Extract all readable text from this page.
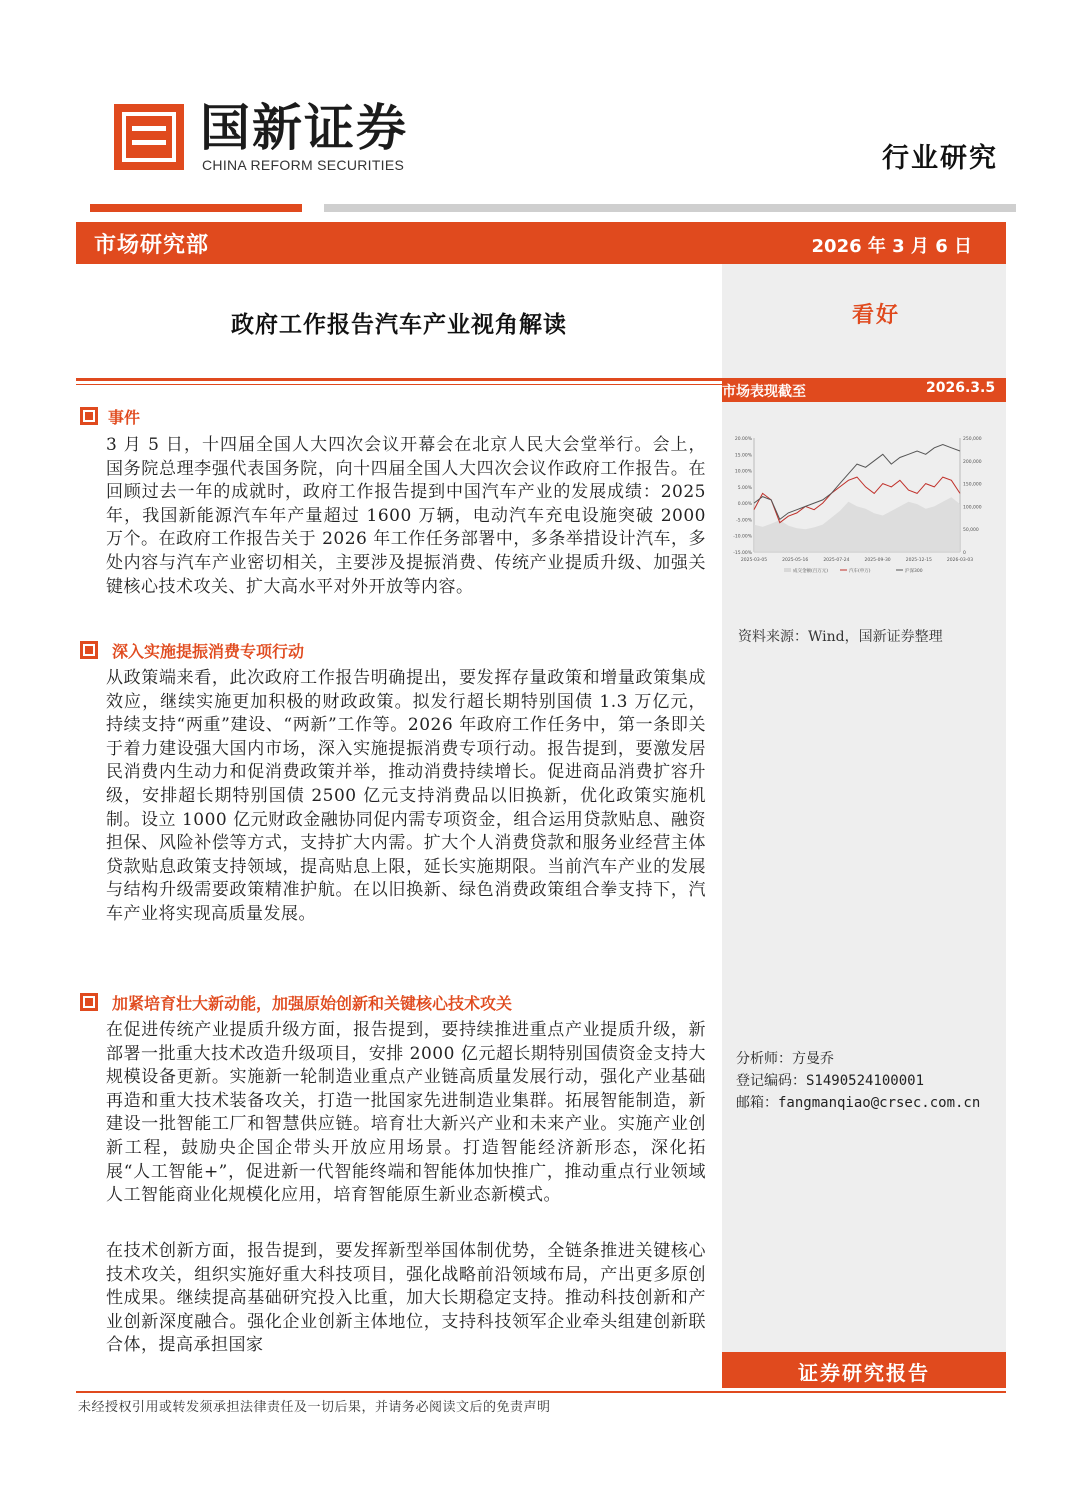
国新证券
CHINA REFORM SECURITIES	行业研究
市场研究部	2026 年 3 月 6 日
看好
市场表现截至	2026.3.5
20.00%
15.00%
10.00%
5.00%
0.00%
-5.00%
-10.00%
-15.00%
250,000
200,000
150,000
100,000
50,000
0
2025-03-05	2025-05-16	2025-07-24	2025-09-30	2025-12-15	2026-03-03
成交金额(百万元)	汽车(申万)	沪深300
资料来源：Wind，国新证券整理
分析师：方曼乔
登记编码：S1490524100001
邮箱：fangmanqiao@crsec.com.cn
证券研究报告
政府工作报告汽车产业视角解读
事件
3 月 5 日，十四届全国人大四次会议开幕会在北京人民大会堂举行。会上，国务院总理李强代表国务院，向十四届全国人大四次会议作政府工作报告。在回顾过去一年的成就时，政府工作报告提到中国汽车产业的发展成绩：2025 年，我国新能源汽车年产量超过 1600 万辆，电动汽车充电设施突破 2000 万个。在政府工作报告关于 2026 年工作任务部署中，多条举措设计汽车，多处内容与汽车产业密切相关，主要涉及提振消费、传统产业提质升级、加强关键核心技术攻关、扩大高水平对外开放等内容。
深入实施提振消费专项行动
从政策端来看，此次政府工作报告明确提出，要发挥存量政策和增量政策集成效应，继续实施更加积极的财政政策。拟发行超长期特别国债 1.3 万亿元，持续支持“两重”建设、“两新”工作等。2026 年政府工作任务中，第一条即关于着力建设强大国内市场，深入实施提振消费专项行动。报告提到，要激发居民消费内生动力和促消费政策并举，推动消费持续增长。促进商品消费扩容升级，安排超长期特别国债 2500 亿元支持消费品以旧换新，优化政策实施机制。设立 1000 亿元财政金融协同促内需专项资金，组合运用贷款贴息、融资担保、风险补偿等方式，支持扩大内需。扩大个人消费贷款和服务业经营主体贷款贴息政策支持领域，提高贴息上限，延长实施期限。当前汽车产业的发展与结构升级需要政策精准护航。在以旧换新、绿色消费政策组合拳支持下，汽车产业将实现高质量发展。
加紧培育壮大新动能，加强原始创新和关键核心技术攻关
在促进传统产业提质升级方面，报告提到，要持续推进重点产业提质升级，新部署一批重大技术改造升级项目，安排 2000 亿元超长期特别国债资金支持大规模设备更新。实施新一轮制造业重点产业链高质量发展行动，强化产业基础再造和重大技术装备攻关，打造一批国家先进制造业集群。拓展智能制造，新建设一批智能工厂和智慧供应链。培育壮大新兴产业和未来产业。实施产业创新工程，鼓励央企国企带头开放应用场景。打造智能经济新形态，深化拓展“人工智能+”，促进新一代智能终端和智能体加快推广，推动重点行业领域人工智能商业化规模化应用，培育智能原生新业态新模式。
在技术创新方面，报告提到，要发挥新型举国体制优势，全链条推进关键核心技术攻关，组织实施好重大科技项目，强化战略前沿领域布局，产出更多原创性成果。继续提高基础研究投入比重，加大长期稳定支持。推动科技创新和产业创新深度融合。强化企业创新主体地位，支持科技领军企业牵头组建创新联合体，提高承担国家
未经授权引用或转发须承担法律责任及一切后果，并请务必阅读文后的免责声明
